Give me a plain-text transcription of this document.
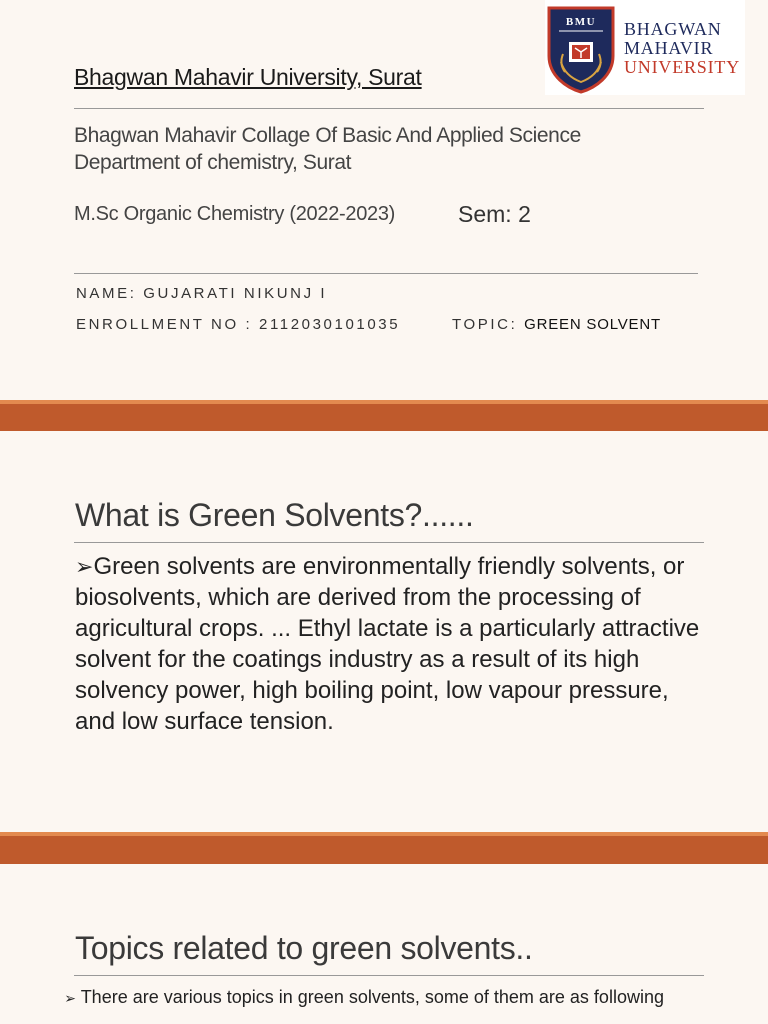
Bhagwan Mahavir University, Surat
Bhagwan Mahavir Collage Of Basic And Applied Science
Department of chemistry, Surat
M.Sc Organic Chemistry (2022-2023)	Sem: 2
NAME: GUJARATI NIKUNJ I
ENROLLMENT NO : 2112030101035	TOPIC: GREEN SOLVENT
BMU BHAGWAN
MAHAVIR
UNIVERSITY
What is Green Solvents?......
➢Green solvents are environmentally friendly solvents, or biosolvents, which are derived from the processing of agricultural crops. ... Ethyl lactate is a particularly attractive solvent for the coatings industry as a result of its high solvency power, high boiling point, low vapour pressure, and low surface tension.
Topics related to green solvents..
➢ There are various topics in green solvents, some of them are as following
